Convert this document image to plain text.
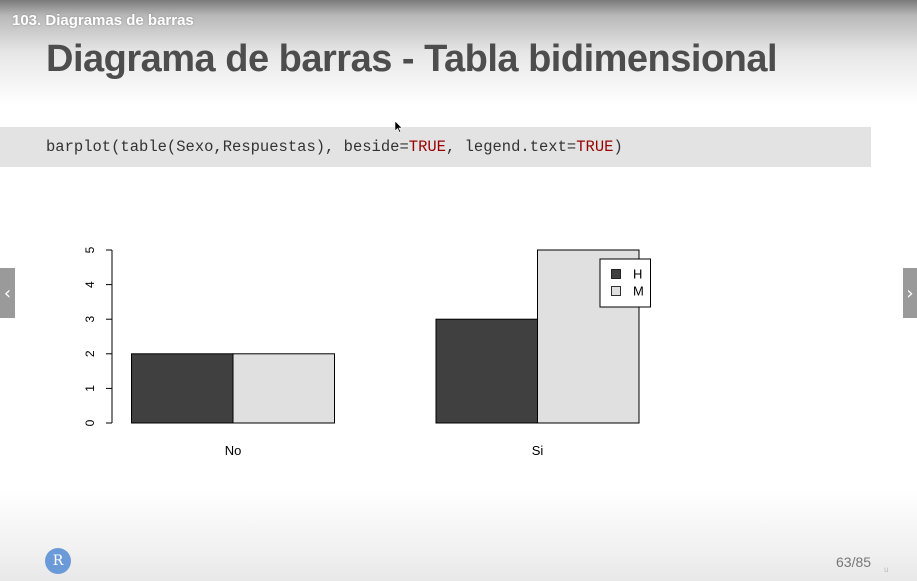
103. Diagramas de barras
Diagrama de barras - Tabla bidimensional
barplot(table(Sexo,Respuestas), beside=TRUE, legend.text=TRUE)
0
1
2
3
4
5
No	Si
H
M
‹	›
R	63/85 u
